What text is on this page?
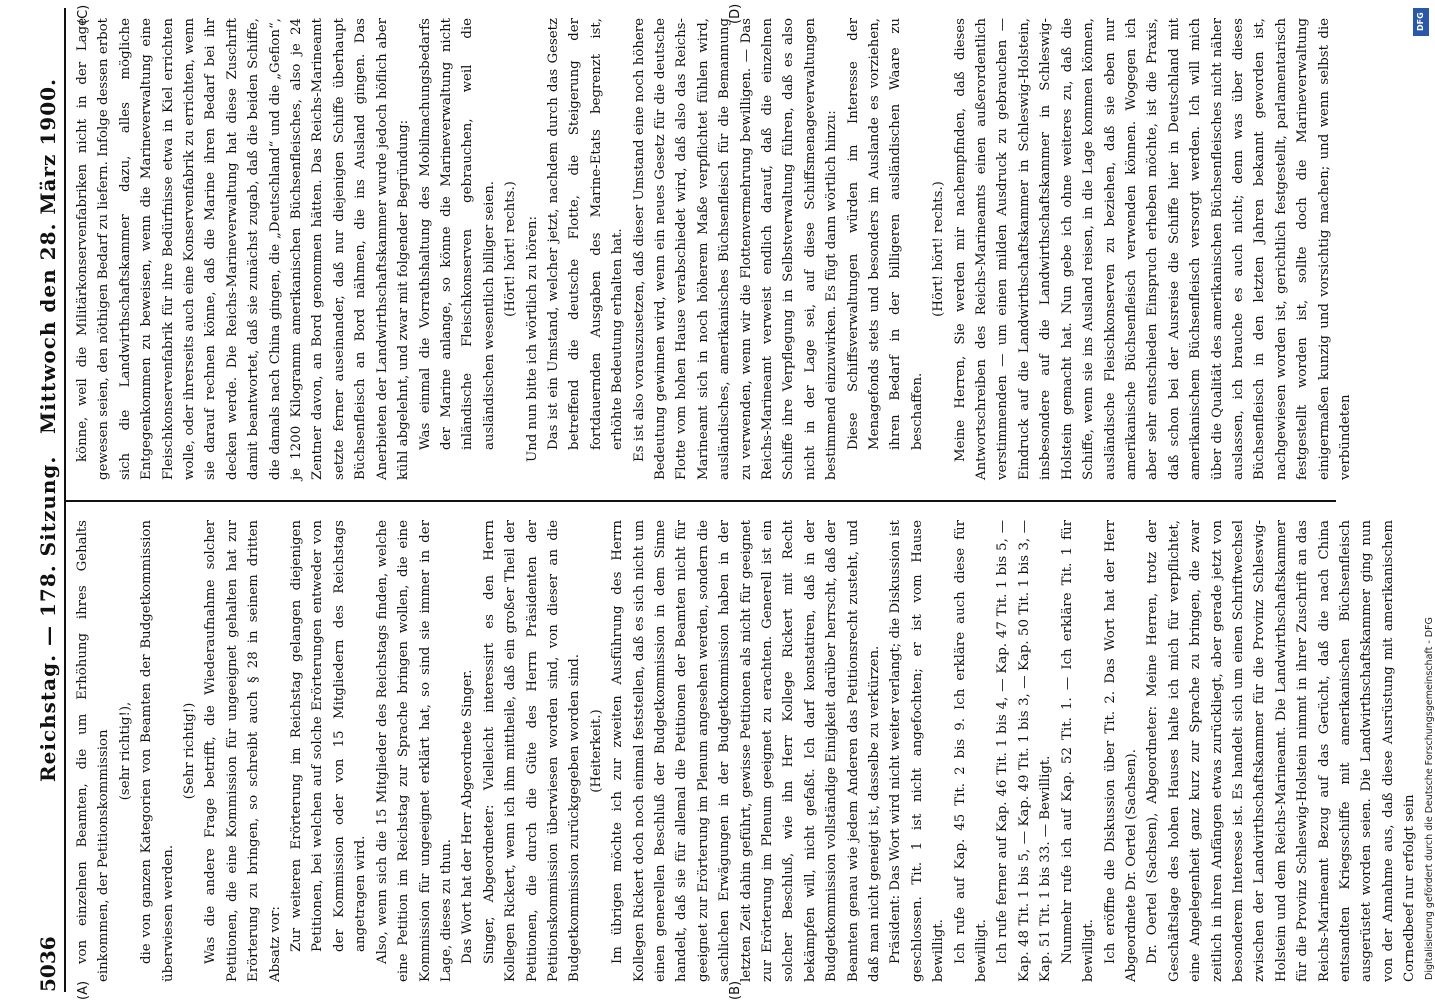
5036
Reichstag. — 178. Sitzung.
Mittwoch den 28. März 1900.
(A)	(B)
(C)	(D)

von einzelnen Beamten, die um Erhöhung ihres Gehalts einkommen, der Petitionskommission (sehr richtig!), die von ganzen Kategorien von Beamten der Budgetkommission überwiesen werden.

(Sehr richtig!) Was die andere Frage betrifft, die Wiederaufnahme solcher Petitionen, die eine Kommission für ungeeignet gehalten hat zur Erörterung zu bringen, so schreibt auch § 28 in seinem dritten Absatz vor: Zur weiteren Erörterung im Reichstag gelangen diejenigen Petitionen, bei welchen auf solche Erörterungen entweder von der Kommission oder von 15 Mitgliedern des Reichstags angetragen wird. Also, wenn sich die 15 Mitglieder des Reichstags finden, welche eine Petition im Reichstag zur Sprache bringen wollen, die eine Kommission für ungeeignet erklärt hat, so sind sie immer in der Lage, dieses zu thun. Das Wort hat der Herr Abgeordnete Singer. Singer, Abgeordneter: Vielleicht interessirt es den Herrn Kollegen Rickert, wenn ich ihm mittheile, daß ein großer Theil der Petitionen, die durch die Güte des Herrn Präsidenten der Petitionskommission überwiesen worden sind, von dieser an die Budgetkommission zurückgegeben worden sind. (Heiterkeit.) Im übrigen möchte ich zur zweiten Ausführung des Herrn Kollegen Rickert doch noch einmal feststellen, daß es sich nicht um einen generellen Beschluß der Budgetkommission in dem Sinne handelt, daß sie für allemal die Petitionen der Beamten nicht für geeignet zur Erörterung im Plenum angesehen werden, sondern die sachlichen Erwägungen in der Budgetkommission haben in der letzten Zeit dahin geführt, gewisse Petitionen als nicht für geeignet zur Erörterung im Plenum geeignet zu erachten. Generell ist ein solcher Beschluß, wie ihn Herr Kollege Rickert mit Recht bekämpfen will, nicht gefaßt. Ich darf konstatiren, daß in der Budgetkommission vollständige Einigkeit darüber herrscht, daß der Beamten genau wie jedem Anderen das Petitionsrecht zusteht, und daß man nicht geneigt ist, dasselbe zu verkürzen. Präsident: Das Wort wird nicht weiter verlangt; die Diskussion ist geschlossen. Tit. 1 ist nicht angefochten; er ist vom Hause bewilligt. Ich rufe auf Kap. 45 Tit. 2 bis 9. Ich erkläre auch diese für bewilligt. Ich rufe ferner auf Kap. 46 Tit. 1 bis 4, — Kap. 47 Tit. 1 bis 5, — Kap. 48 Tit. 1 bis 5, — Kap. 49 Tit. 1 bis 3, — Kap. 50 Tit. 1 bis 3, — Kap. 51 Tit. 1 bis 33. — Bewilligt. Nunmehr rufe ich auf Kap. 52 Tit. 1. — Ich erkläre Tit. 1 für bewilligt. Ich eröffne die Diskussion über Tit. 2. Das Wort hat der Herr Abgeordnete Dr. Oertel (Sachsen). Dr. Oertel (Sachsen), Abgeordneter: Meine Herren, trotz der Geschäftslage des hohen Hauses halte ich mich für verpflichtet, eine Angelegenheit ganz kurz zur Sprache zu bringen, die zwar zeitlich in ihren Anfängen etwas zurückliegt, aber gerade jetzt von besonderem Interesse ist. Es handelt sich um einen Schriftwechsel zwischen der Landwirthschaftskammer für die Provinz Schleswig-Holstein und dem Reichs-Marineamt. Die Landwirthschaftskammer für die Provinz Schleswig-Holstein nimmt in ihrer Zuschrift an das Reichs-Marineamt Bezug auf das Gerücht, daß die nach China entsandten Kriegsschiffe mit amerikanischen Büchsenfleisch ausgerüstet worden seien. Die Landwirthschaftskammer ging nun von der Annahme aus, daß diese Ausrüstung mit amerikanischem Cornedbeef nur erfolgt sein

könne, weil die Militärkonservenfabriken nicht in der Lage gewesen seien, den nöthigen Bedarf zu liefern. Infolge dessen erbot sich die Landwirthschaftskammer dazu, alles mögliche Entgegenkommen zu beweisen, wenn die Marineverwaltung eine Fleischkonservenfabrik für ihre Bedürfnisse etwa in Kiel errichten wolle, oder ihrerseits auch eine Konservenfabrik zu errichten, wenn sie darauf rechnen könne, daß die Marine ihren Bedarf bei ihr decken werde. Die Reichs-Marineverwaltung hat diese Zuschrift damit beantwortet, daß sie zunächst zugab, daß die beiden Schiffe, die damals nach China gingen, die „Deutschland“ und die „Gefion“, je 1200 Kilogramm amerikanischen Büchsenfleisches, also je 24 Zentner davon, an Bord genommen hätten. Das Reichs-Marineamt setzte ferner auseinander, daß nur diejenigen Schiffe überhaupt Büchsenfleisch an Bord nähmen, die ins Ausland gingen. Das Anerbieten der Landwirthschaftskammer wurde jedoch höflich aber kühl abgelehnt, und zwar mit folgender Begründung: Was einmal die Vorrathshaltung des Mobilmachungsbedarfs der Marine anlange, so könne die Marineverwaltung nicht inländische Fleischkonserven gebrauchen, weil die ausländischen wesentlich billiger seien. (Hört! hört! rechts.) Und nun bitte ich wörtlich zu hören: Das ist ein Umstand, welcher jetzt, nachdem durch das Gesetz betreffend die deutsche Flotte, die Steigerung der fortdauernden Ausgaben des Marine-Etats begrenzt ist, erhöhte Bedeutung erhalten hat. Es ist also vorauszusetzen, daß dieser Umstand eine noch höhere Bedeutung gewinnen wird, wenn ein neues Gesetz für die deutsche Flotte vom hohen Hause verabschiedet wird, daß also das Reichs-Marineamt sich in noch höherem Maße verpflichtet fühlen wird, ausländisches, amerikanisches Büchsenfleisch für die Bemannung zu verwenden, wenn wir die Flottenvermehrung bewilligen. — Das Reichs-Marineamt verweist endlich darauf, daß die einzelnen Schiffe ihre Verpflegung in Selbstverwaltung führen, daß es also nicht in der Lage sei, auf diese Schiffsmenageverwaltungen bestimmend einzuwirken. Es fügt dann wörtlich hinzu: Diese Schiffsverwaltungen würden im Interesse der Menagefonds stets und besonders im Auslande es vorziehen, ihren Bedarf in der billigeren ausländischen Waare zu beschaffen.

(Hört! hört! rechts.) Meine Herren, Sie werden mir nachempfinden, daß dieses Antwortschreiben des Reichs-Marineamts einen außerordentlich verstimmenden — um einen milden Ausdruck zu gebrauchen — Eindruck auf die Landwirthschaftskammer in Schleswig-Holstein, insbesondere auf die Landwirthschaftskammer in Schleswig-Holstein gemacht hat. Nun gebe ich ohne weiteres zu, daß die Schiffe, wenn sie ins Ausland reisen, in die Lage kommen können, ausländische Fleischkonserven zu beziehen, daß sie eben nur amerikanische Büchsenfleisch verwenden können. Wogegen ich aber sehr entschieden Einspruch erheben möchte, ist die Praxis, daß schon bei der Ausreise die Schiffe hier in Deutschland mit amerikanischem Büchsenfleisch versorgt werden. Ich will mich über die Qualität des amerikanischen Büchsenfleisches nicht näher auslassen, ich brauche es auch nicht; denn was über dieses Büchsenfleisch in den letzten Jahren bekannt geworden ist, nachgewiesen worden ist, gerichtlich festgestellt, parlamentarisch festgestellt worden ist, sollte doch die Marineverwaltung einigermaßen kunzig und vorsichtig machen; und wenn selbst die verbündeten

DFG
Digitalisierung gefördert durch die Deutsche Forschungsgemeinschaft - DFG
